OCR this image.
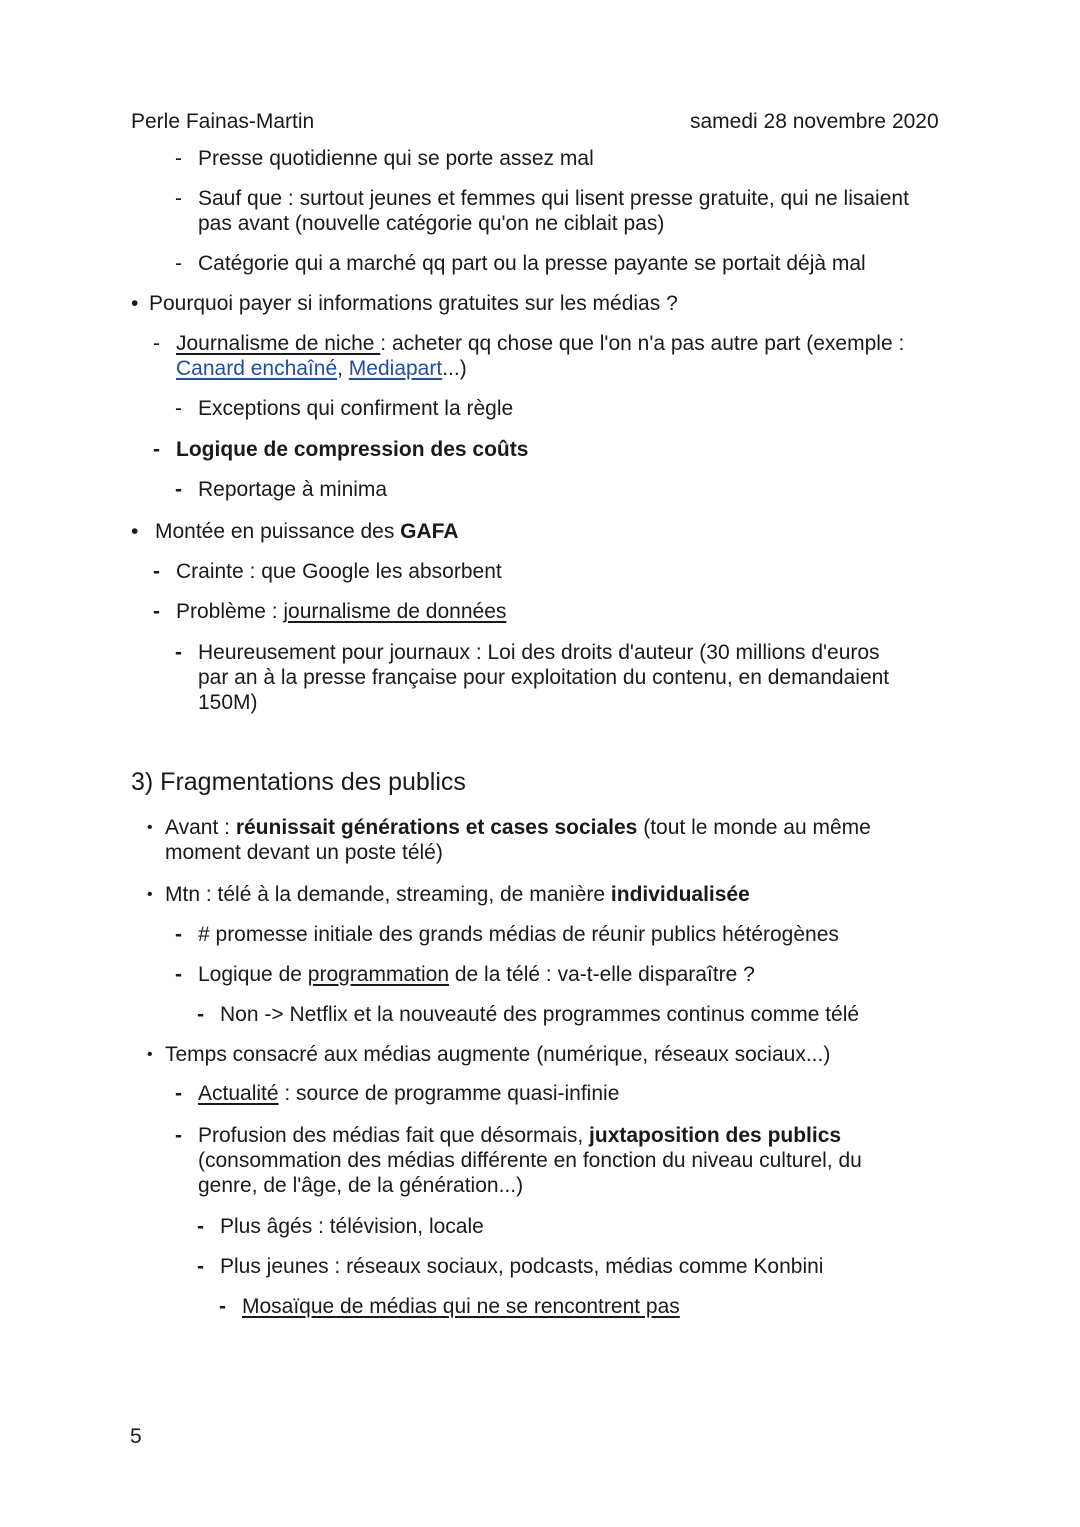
Perle Fainas-Martin	samedi 28 novembre 2020
- Presse quotidienne qui se porte assez mal
- Sauf que : surtout jeunes et femmes qui lisent presse gratuite, qui ne lisaient
pas avant (nouvelle catégorie qu'on ne ciblait pas)
- Catégorie qui a marché qq part ou la presse payante se portait déjà mal
• Pourquoi payer si informations gratuites sur les médias ?
- Journalisme de niche : acheter qq chose que l'on n'a pas autre part (exemple :
Canard enchaîné, Mediapart...)
- Exceptions qui confirment la règle
- Logique de compression des coûts
- Reportage à minima
• Montée en puissance des GAFA
- Crainte : que Google les absorbent
- Problème : journalisme de données
- Heureusement pour journaux : Loi des droits d'auteur (30 millions d'euros
par an à la presse française pour exploitation du contenu, en demandaient
150M)
3) Fragmentations des publics
• Avant : réunissait générations et cases sociales (tout le monde au même
moment devant un poste télé)
• Mtn : télé à la demande, streaming, de manière individualisée
- # promesse initiale des grands médias de réunir publics hétérogènes
- Logique de programmation de la télé : va-t-elle disparaître ?
- Non -> Netflix et la nouveauté des programmes continus comme télé
• Temps consacré aux médias augmente (numérique, réseaux sociaux...)
- Actualité : source de programme quasi-infinie
- Profusion des médias fait que désormais, juxtaposition des publics
(consommation des médias différente en fonction du niveau culturel, du
genre, de l'âge, de la génération...)
- Plus âgés : télévision, locale
- Plus jeunes : réseaux sociaux, podcasts, médias comme Konbini
- Mosaïque de médias qui ne se rencontrent pas
5
